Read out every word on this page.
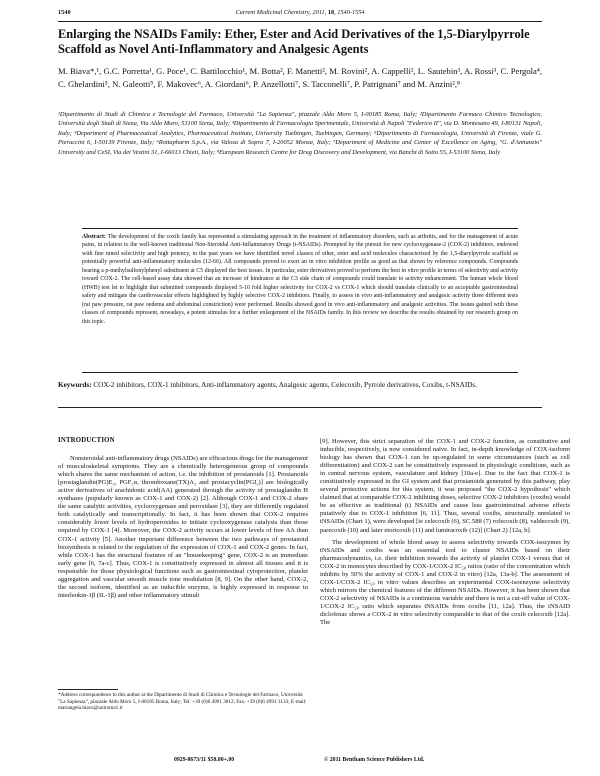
1540	Current Medicinal Chemistry, 2011, 18, 1540-1554
Enlarging the NSAIDs Family: Ether, Ester and Acid Derivatives of the 1,5-Diarylpyrrole Scaffold as Novel Anti-Inflammatory and Analgesic Agents
M. Biava*,¹, G.C. Porretta¹, G. Poce¹, C. Battilocchio¹, M. Botta², F. Manetti², M. Rovini², A. Cappelli², L. Sautebin³, A. Rossi³, C. Pergola⁴, C. Ghelardini⁵, N. Galeotti⁵, F. Makovec⁶, A. Giordani⁶, P. Anzellotti⁷, S. Tacconelli⁷, P. Patrignani⁷ and M. Anzini²,⁸
¹Dipartimento di Studi di Chimica e Tecnologie del Farmaco, Università "La Sapienza", piazzale Aldo Moro 5, I-00185 Roma, Italy; ²Dipartimento Farmaco Chimico Tecnologico, Università degli Studi di Siena, Via Aldo Moro, 53100 Siena, Italy; ³Dipartimento di Farmacologia Sperimentale, Università di Napoli "Federico II", via D. Montesano 49, I-80131 Napoli, Italy; ⁴Department of Pharmaceutical Analytics, Pharmaceutical Institute, University Tuebingen, Tuebingen, Germany; ⁵Dipartimento di Farmacologia, Università di Firenze, viale G. Pieraccini 6, I-50139 Firenze, Italy; ⁶Rottapharm S.p.A., via Valosa di Sopra 7, I-20052 Monza, Italy; ⁷Department of Medicine and Center of Excellence on Aging, "G. d'Annunzio" University and CeSI, Via dei Vestini 31, I-66013 Chieti, Italy; ⁸European Research Centre for Drug Discovery and Development, via Banchi di Sotto 55, I-53100 Siena, Italy
Abstract: The development of the coxib family has represented a stimulating approach in the treatment of inflammatory disorders, such as arthritis, and for the management of acute pains, in relation to the well-known traditional Non-Steroidal Anti-Inflammatory Drugs (t-NSAIDs). Prompted by the pursuit for new cyclooxygenase-2 (COX-2) inhibitors, endowed with fine tuned selectivity and high potency, in the past years we have identified novel classes of ether, ester and acid molecules characterized by the 1,5-diarylpyrrole scaffold as potentially powerful anti-inflammatory molecules (12-66). All compounds proved to exert an in vitro inhibition profile as good as that shown by reference compounds. Compounds bearing a p-methylsulfonylphenyl substituent at C5 displayed the best issues. In particular, ester derivatives proved to perform the best in vitro profile in terms of selectivity and activity toward COX-2. The cell-based assay data showed that an increase of hindrance at the C3 side chain of compounds could translate to activity enhancement. The human whole blood (HWB) test let to highlight that submitted compounds displayed 5-10 fold higher selectivity for COX-2 vs COX-1 which should translate clinically to an acceptable gastrointestinal safety and mitigate the cardiovascular effects highlighted by highly selective COX-2 inhibitors. Finally, to assess in vivo anti-inflammatory and analgesic activity three different tests (rat paw pressure, rat paw oedema and abdominal constriction) were performed. Results showed good in vivo anti-inflammatory and analgesic activities. The issues gained with these classes of compounds represent, nowadays, a potent stimulus for a further enlargement of the NSAIDs family. In this review we describe the results obtained by our research group on this topic.
Keywords: COX-2 inhibitors, COX-1 inhibitors, Anti-inflammatory agents, Analgesic agents, Celecoxib, Pyrrole derivatives, Coxibs, t-NSAIDs.
INTRODUCTION

Nonsteroidal anti-inflammatory drugs (NSAIDs) are efficacious drugs for the management of musculoskeletal symptoms. They are a chemically heterogeneous group of compounds which shares the same mechanism of action, i.e. the inhibition of prostanoids [1]. Prostanoids [prostaglandin(PG)E₂, PGF₂α, thromboxane(TX)A₂ and prostacyclin(PGI₂)] are biologically active derivatives of arachidonic acid(AA) generated through the activity of prostaglandin H synthases (popularly known as COX-1 and COX-2) [2]. Although COX-1 and COX-2 share the same catalytic activities, cyclooxygenase and peroxidase [3], they are differently regulated both catalytically and transcriptionally. In fact, it has been shown that COX-2 requires considerably lower levels of hydroperoxides to initiate cyclooxygenase catalysis than those required by COX-1 [4]. Moreover, the COX-2 activity occurs at lower levels of free AA than COX-1 activity [5]. Another important difference between the two pathways of prostanoid biosynthesis is related to the regulation of the expression of COX-1 and COX-2 genes. In fact, while COX-1 has the structural features of an "housekeeping" gene, COX-2 is an immediate early gene [6, 7a-c]. Thus, COX-1 is constitutively expressed in almost all tissues and it is responsible for those physiological functions such as gastrointestinal cytoprotection, platelet aggregation and vascular smooth muscle tone modulation [8, 9]. On the other hand, COX-2, the second isoform, identified as an inducible enzyme, is highly expressed in response to interleukin-1β (IL-1β) and other inflammatory stimuli

[9]. However, this strict separation of the COX-1 and COX-2 function, as constitutive and inducible, respectively, is now considered naïve. In fact, in-depth knowledge of COX-isoform biology has shown that COX-1 can be up-regulated in some circumstances (such as cell differentiation) and COX-2 can be constitutively expressed in physiologic conditions, such as in central nervous system, vasculature and kidney [10a-e]. Due to the fact that COX-1 is constitutively expressed in the GI system and that prostanoids generated by this pathway, play several protective actions for this system, it was proposed "the COX-2 hypothesis" which claimed that at comparable COX-2 inhibiting doses, selective COX-2 inhibitors (coxibs) would be as effective as traditional (t) NSAIDs and cause less gastrointestinal adverse effects putatively due to COX-1 inhibition [6, 11]. Thus, several coxibs, structurally unrelated to tNSAIDs (Chart 1), were developed [ie celecoxib (6), SC.588 (7) rofecoxib (8), valdecoxib (9), parecoxib (10) and later etoricoxib (11) and lumiracoxib (12)] (Chart 2) [12a, b].

The development of whole blood assay to assess selectivity towards COX-isozymes by tNSAIDs and coxibs was an essential tool to cluster NSAIDs based on their pharmacodynamics, i.e. their inhibition towards the activity of platelet COX-1 versus that of COX-2 in monocytes described by COX-1/COX-2 IC₅₀ ratios (ratio of the concentration which inhibits by 50% the activity of COX-1 and COX-2 in vitro) [12a, 13a-b]. The assessment of COX-1/COX-2 IC₅₀ in vitro values describes an experimental COX-isoenzyme selectivity which mirrors the chemical features of the different NSAIDs. However, it has been shown that COX-2 selectivity of NSAIDs is a continuous variable and there is not a cut-off value of COX-1/COX-2 IC₅₀ ratio which separates tNSAIDs from coxibs [11, 12a]. Thus, the tNSAID diclofenac shows a COX-2 in vitro selectivity comparable to that of the coxib celecoxib [12a]. The

*Address correspondence to this author at the Dipartimento di Studi di Chimica e Tecnologie del Farmaco, Università "La Sapienza", piazzale Aldo Moro 5, I-00185 Roma, Italy; Tel: +39 (0)6 4991 3812; Fax: +39 (0)6 4991 3133; E-mail: mariangela.biava@uniroma1.it
0929-8673/11 $58.00+.00	© 2011 Bentham Science Publishers Ltd.
